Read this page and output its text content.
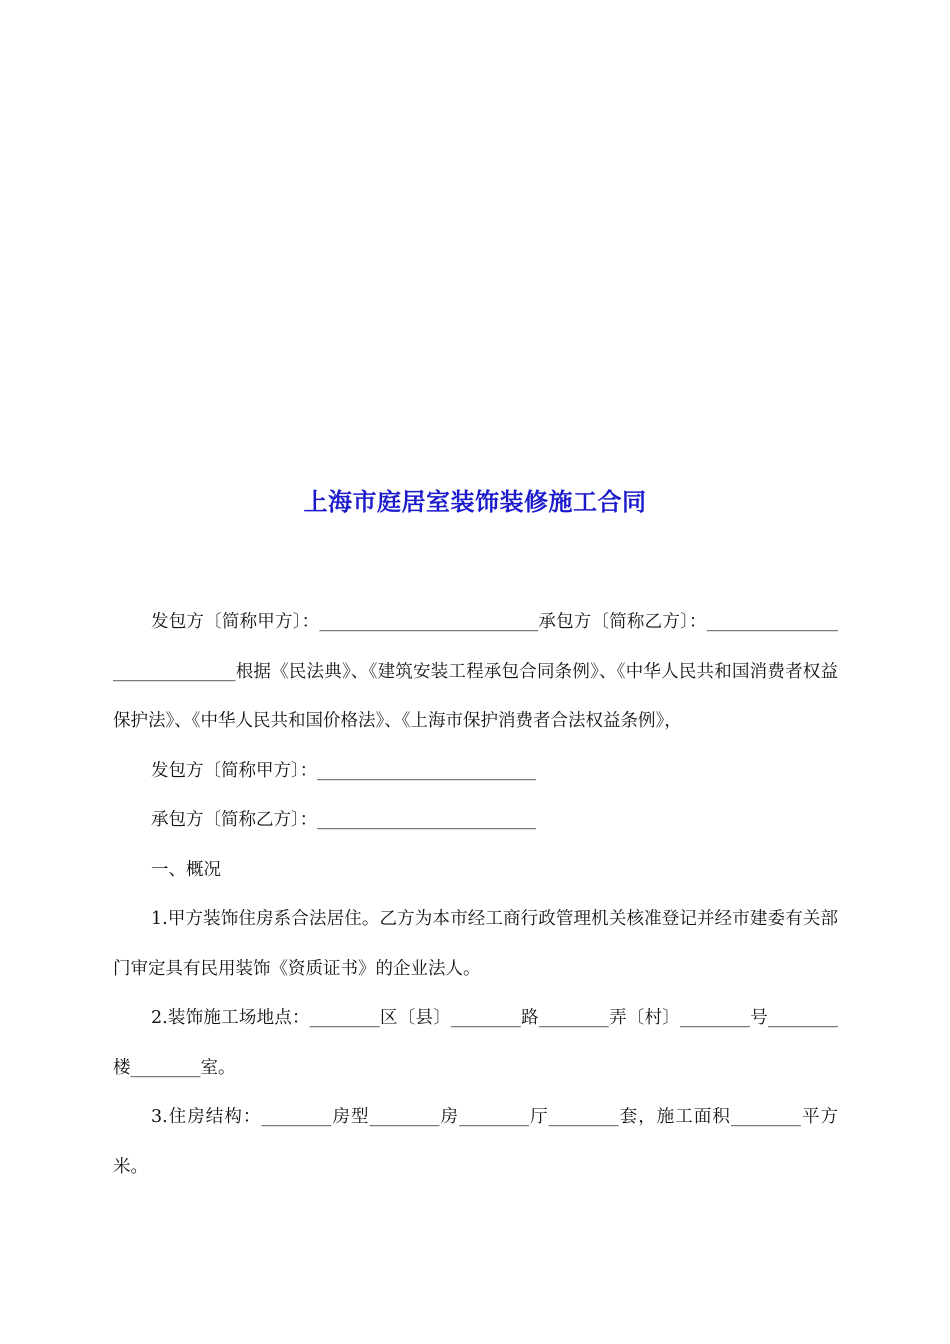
上海市庭居室装饰装修施工合同

发包方〔简称甲方〕：_________________________承包方〔简称乙方〕：_____________________________根据《民法典》、《建筑安装工程承包合同条例》、《中华人民共和国消费者权益保护法》、《中华人民共和国价格法》、《上海市保护消费者合法权益条例》，

发包方〔简称甲方〕：_________________________

承包方〔简称乙方〕：_________________________

一、概况

1.甲方装饰住房系合法居住。乙方为本市经工商行政管理机关核准登记并经市建委有关部门审定具有民用装饰《资质证书》的企业法人。

2.装饰施工场地点：________区〔县〕________路________弄〔村〕________号________楼________室。

3.住房结构：________房型________房________厅________套，施工面积________平方米。
